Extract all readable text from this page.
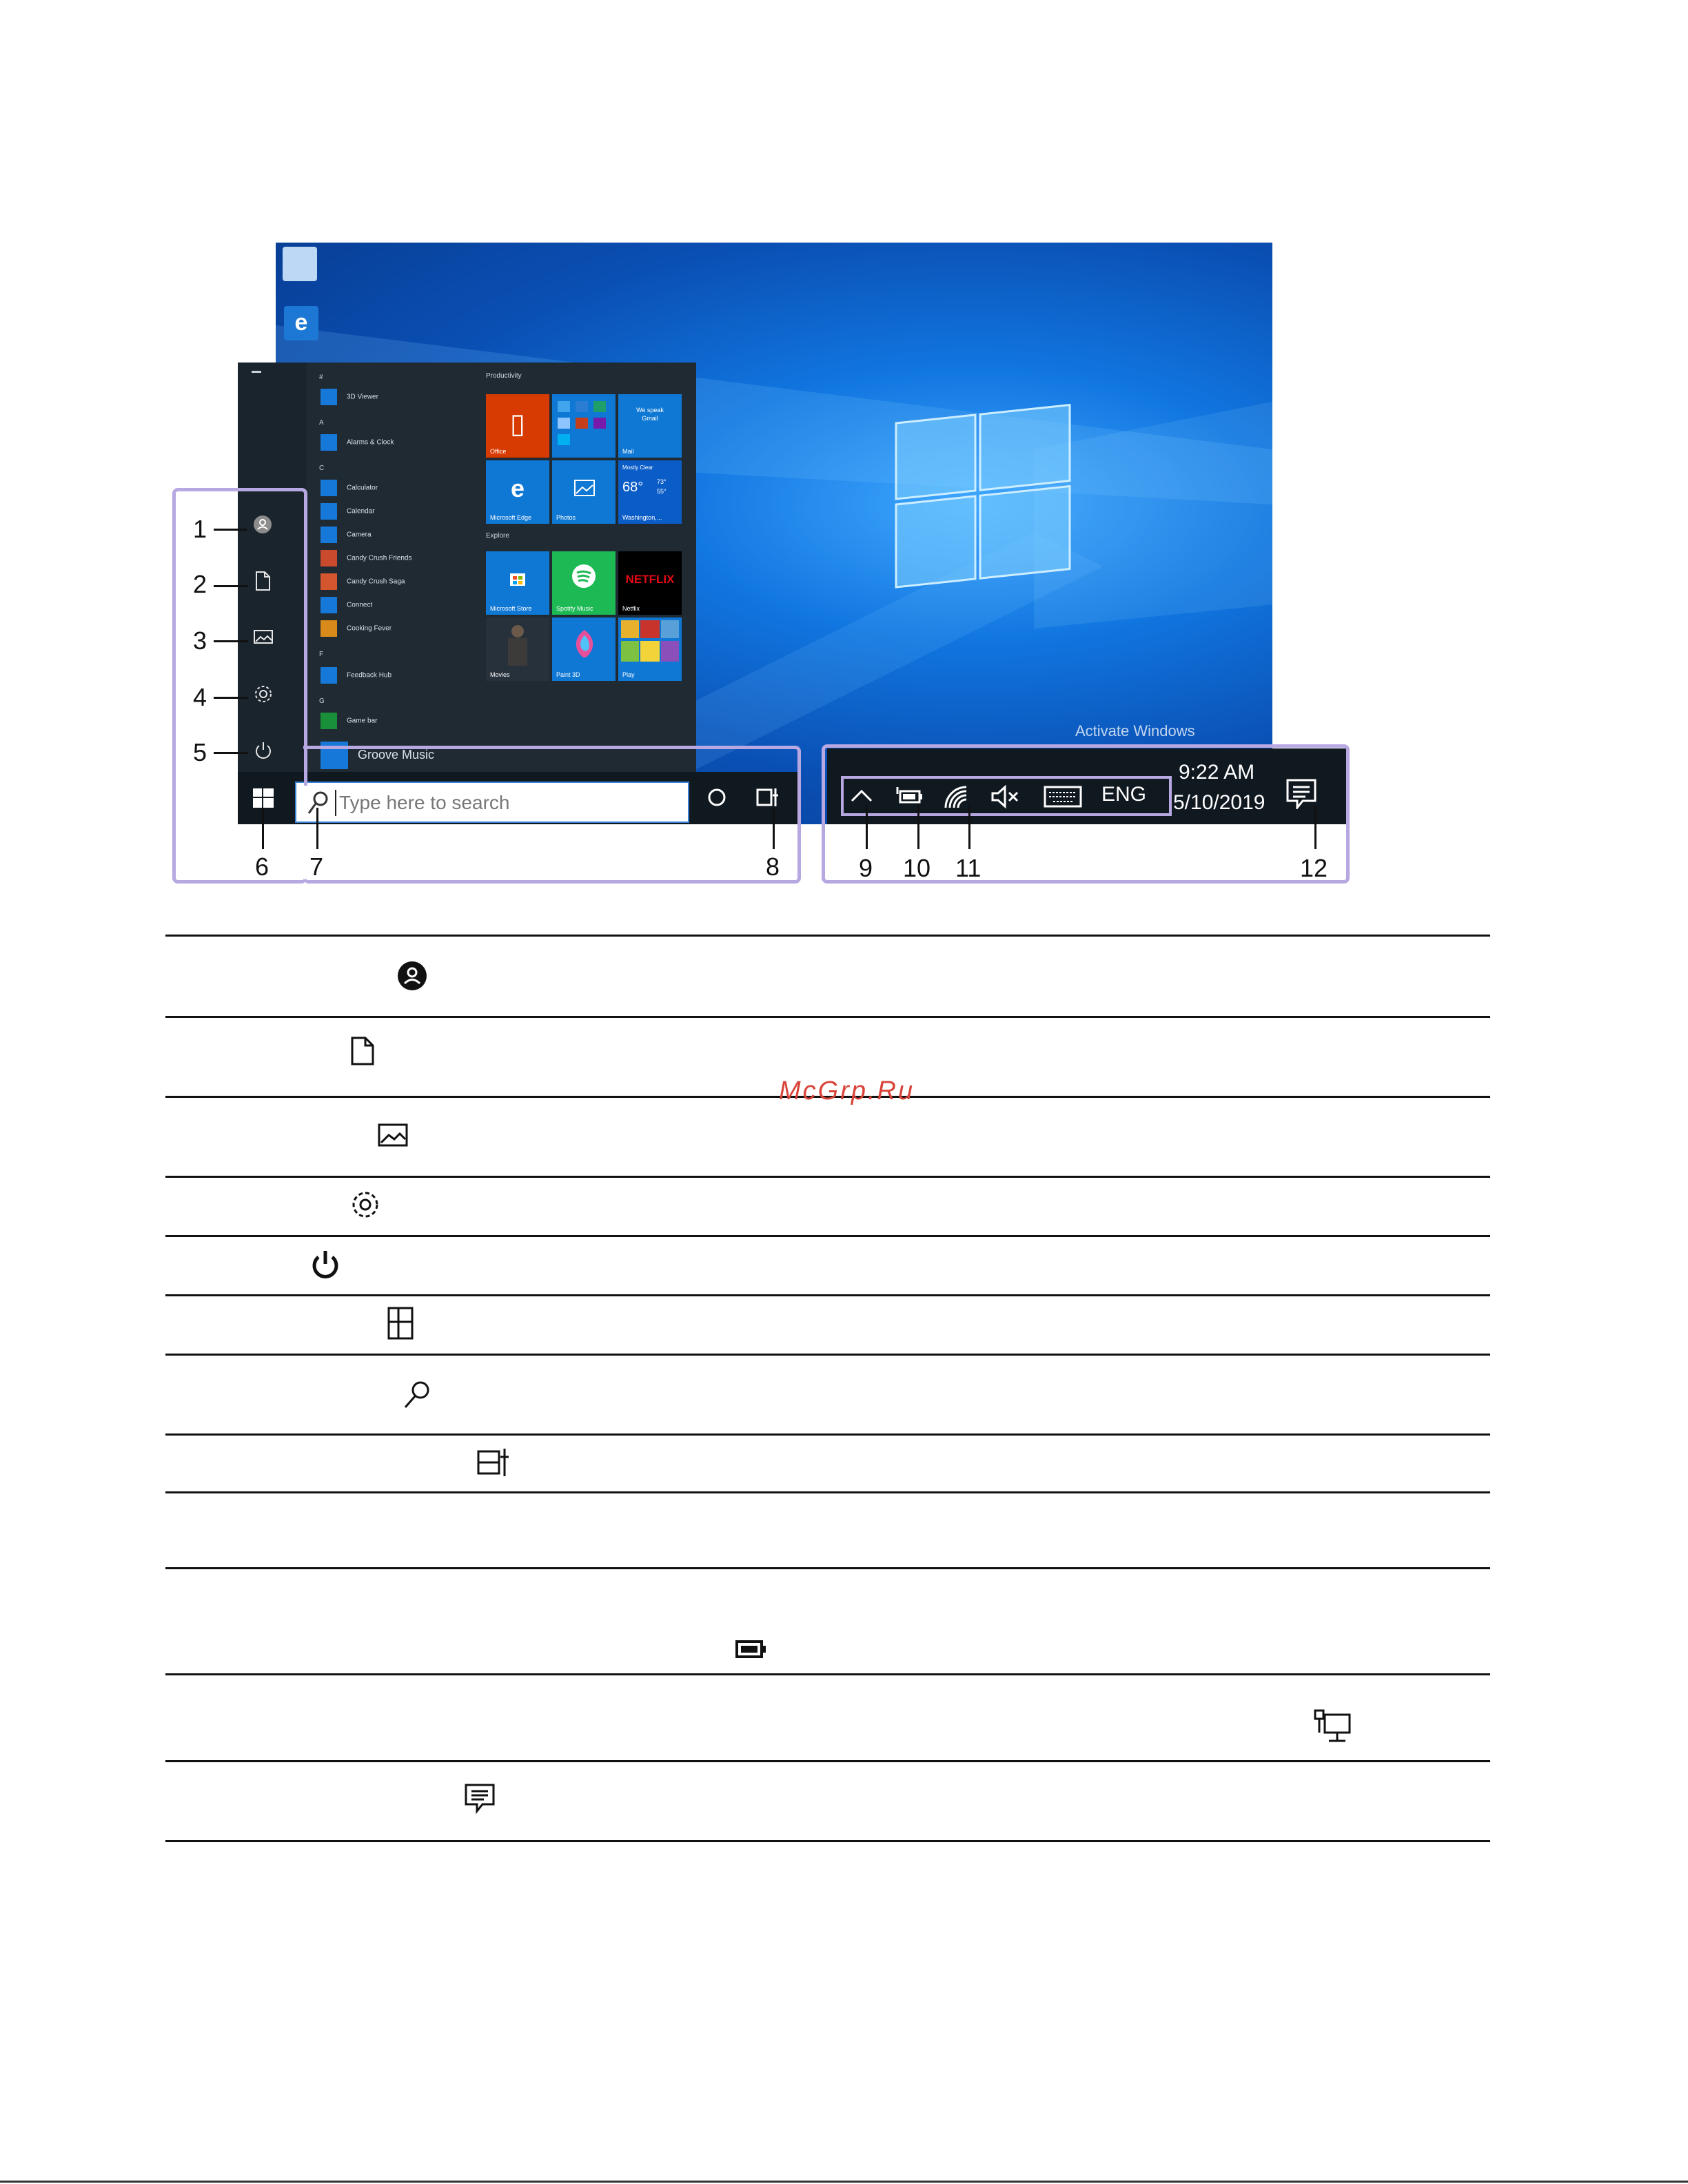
e
Activate Windows
#
3D Viewer
A
Alarms & Clock
C
Calculator
Calendar
Camera
Candy Crush Friends
Candy Crush Saga
Connect
Cooking Fever
F
Feedback Hub
G
Game bar
Groove Music
Productivity
▯
Office
We speak
Gmail
Mail
e
Microsoft Edge	Photos
Mostly Clear
68° 73°
55°
Washington,...
Explore
Microsoft Store	Spotify Music
NETFLIX
Netflix
Movies	Paint 3D	Play
Type here to search	ENG
9:22 AM
5/10/2019
1
2
3
4
5
6 7	8	9 10 11	12
McGrp.Ru
